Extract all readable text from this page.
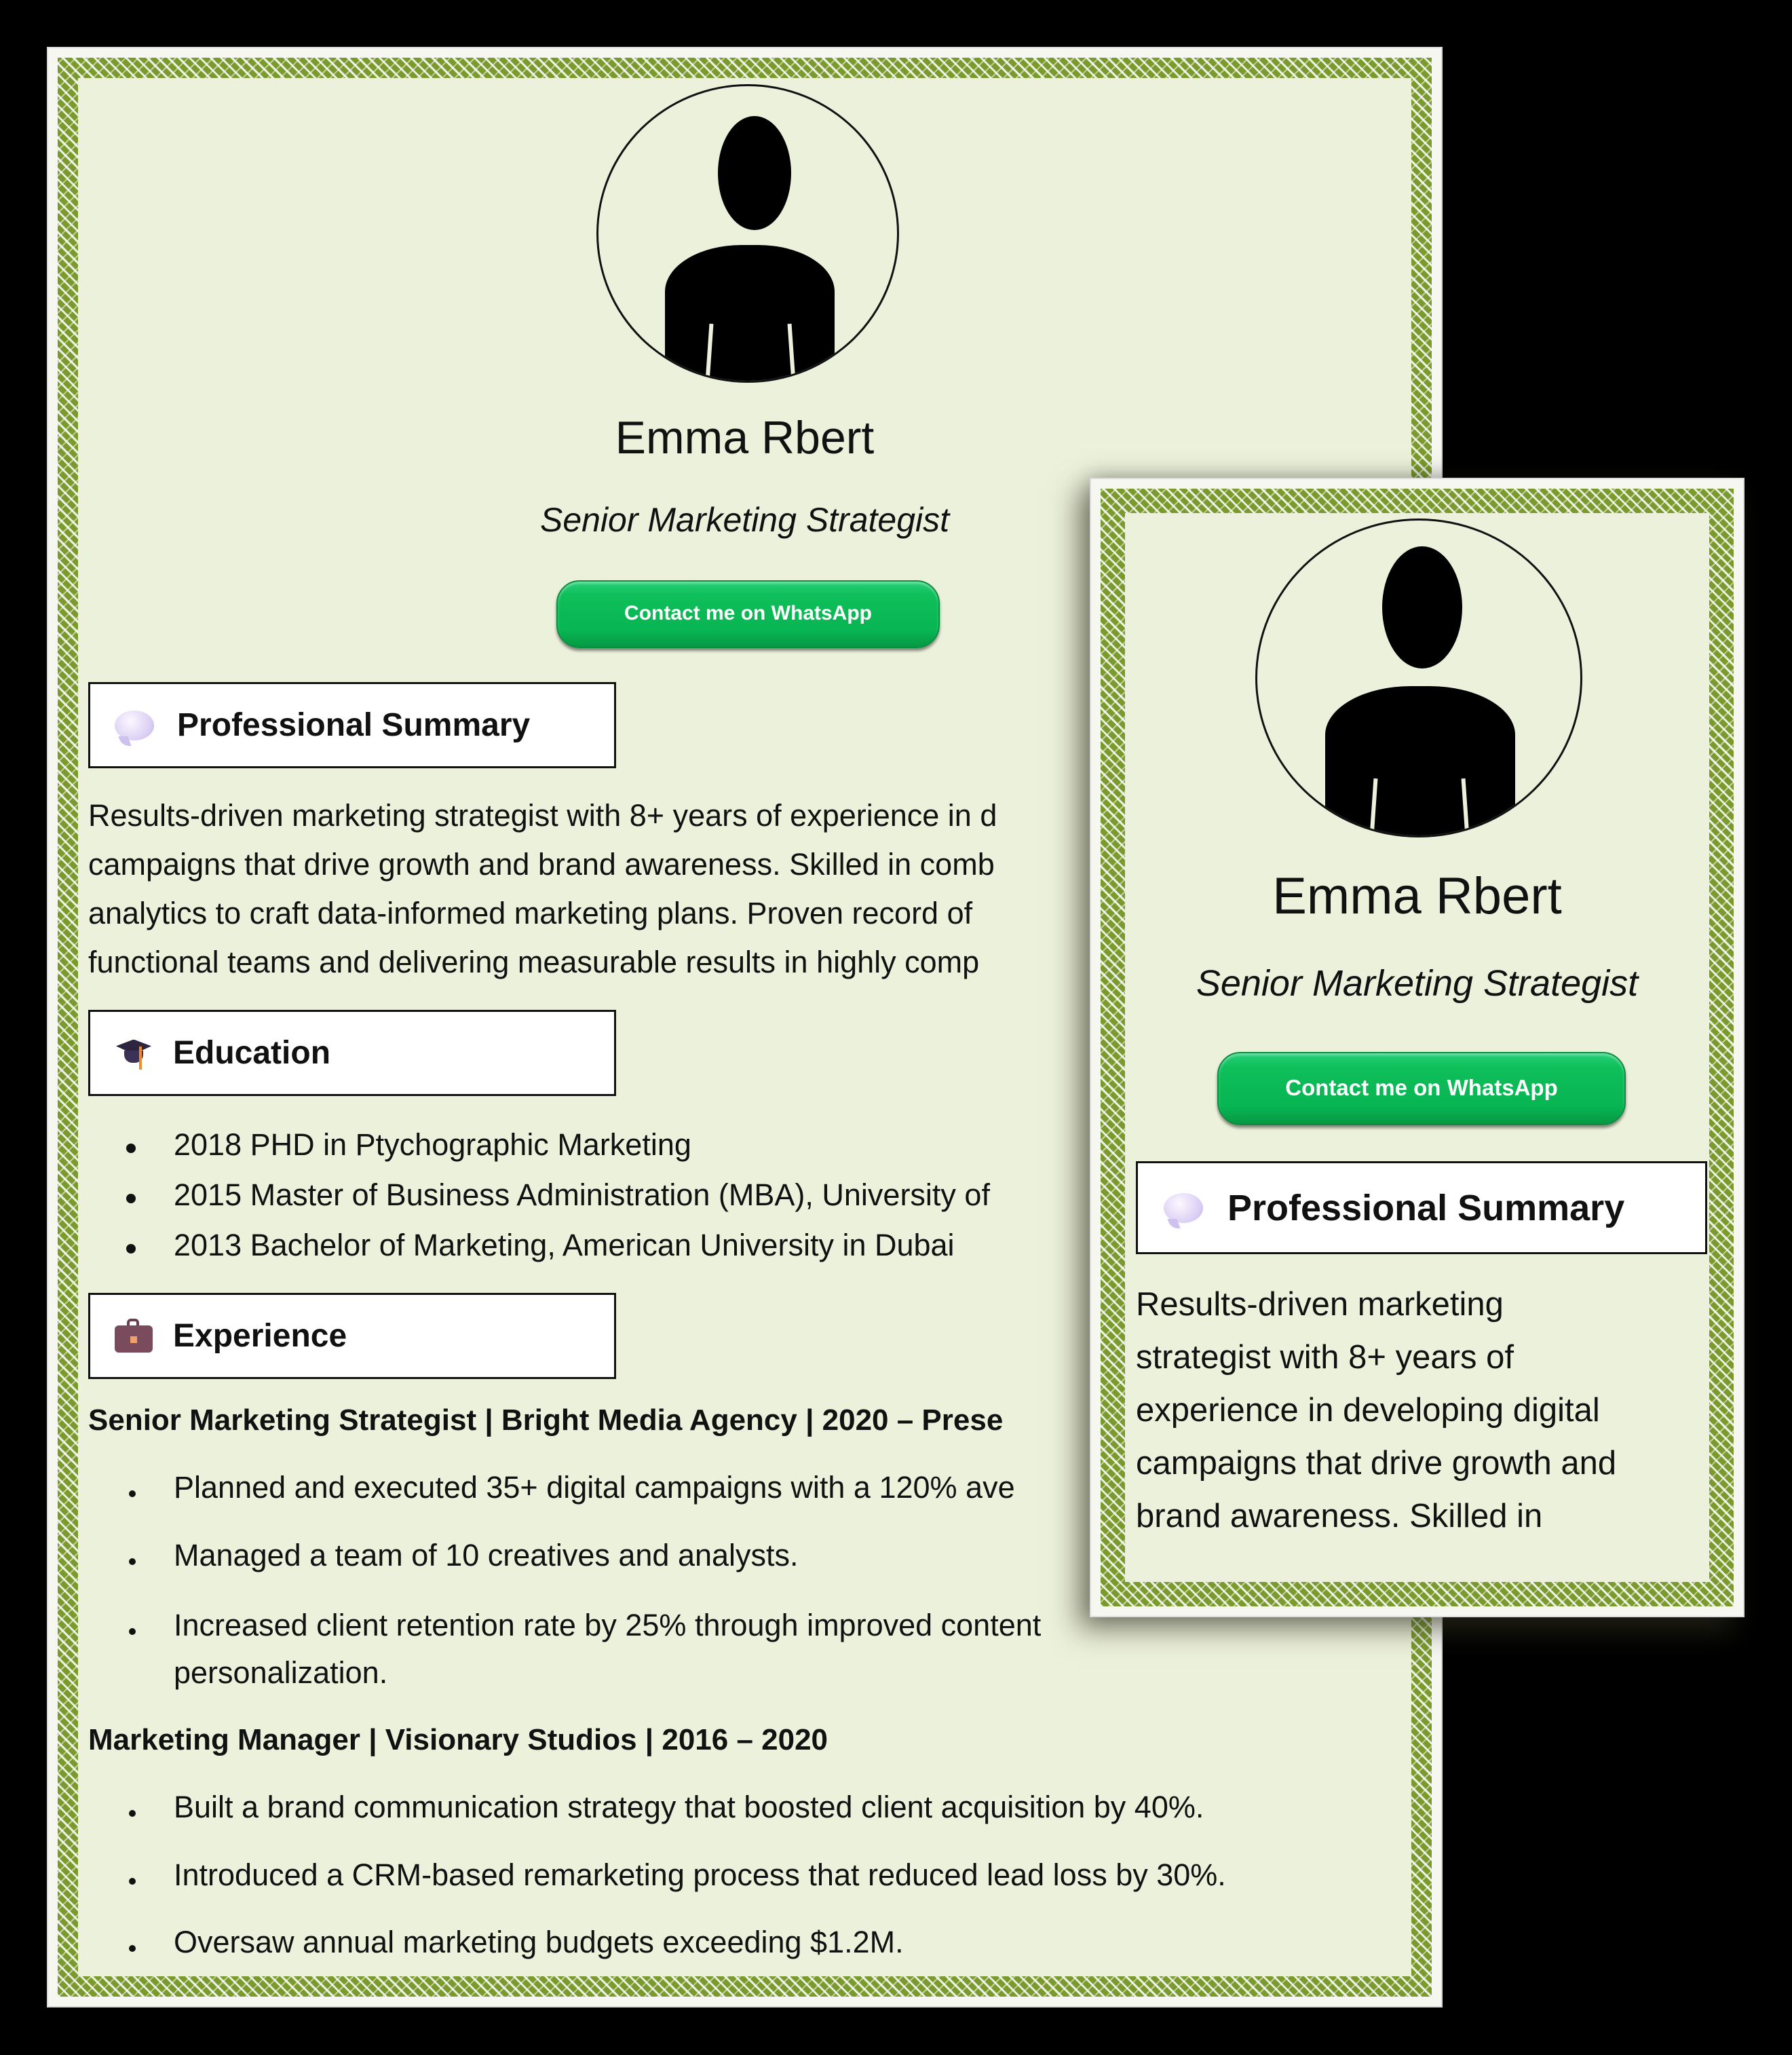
Emma Rbert
Senior Marketing Strategist
Contact me on WhatsApp
Professional Summary
Results-driven marketing strategist with 8+ years of experience in d
campaigns that drive growth and brand awareness. Skilled in comb
analytics to craft data-informed marketing plans. Proven record of
functional teams and delivering measurable results in highly comp
Education
2018 PHD in Ptychographic Marketing
2015 Master of Business Administration (MBA), University of
2013 Bachelor of Marketing, American University in Dubai
Experience
Senior Marketing Strategist | Bright Media Agency | 2020 – Prese
Planned and executed 35+ digital campaigns with a 120% ave
Managed a team of 10 creatives and analysts.
Increased client retention rate by 25% through improved content
personalization.
Marketing Manager | Visionary Studios | 2016 – 2020
Built a brand communication strategy that boosted client acquisition by 40%.
Introduced a CRM-based remarketing process that reduced lead loss by 30%.
Oversaw annual marketing budgets exceeding $1.2M.
Emma Rbert
Senior Marketing Strategist
Contact me on WhatsApp
Professional Summary
Results-driven marketing
strategist with 8+ years of
experience in developing digital
campaigns that drive growth and
brand awareness. Skilled in
